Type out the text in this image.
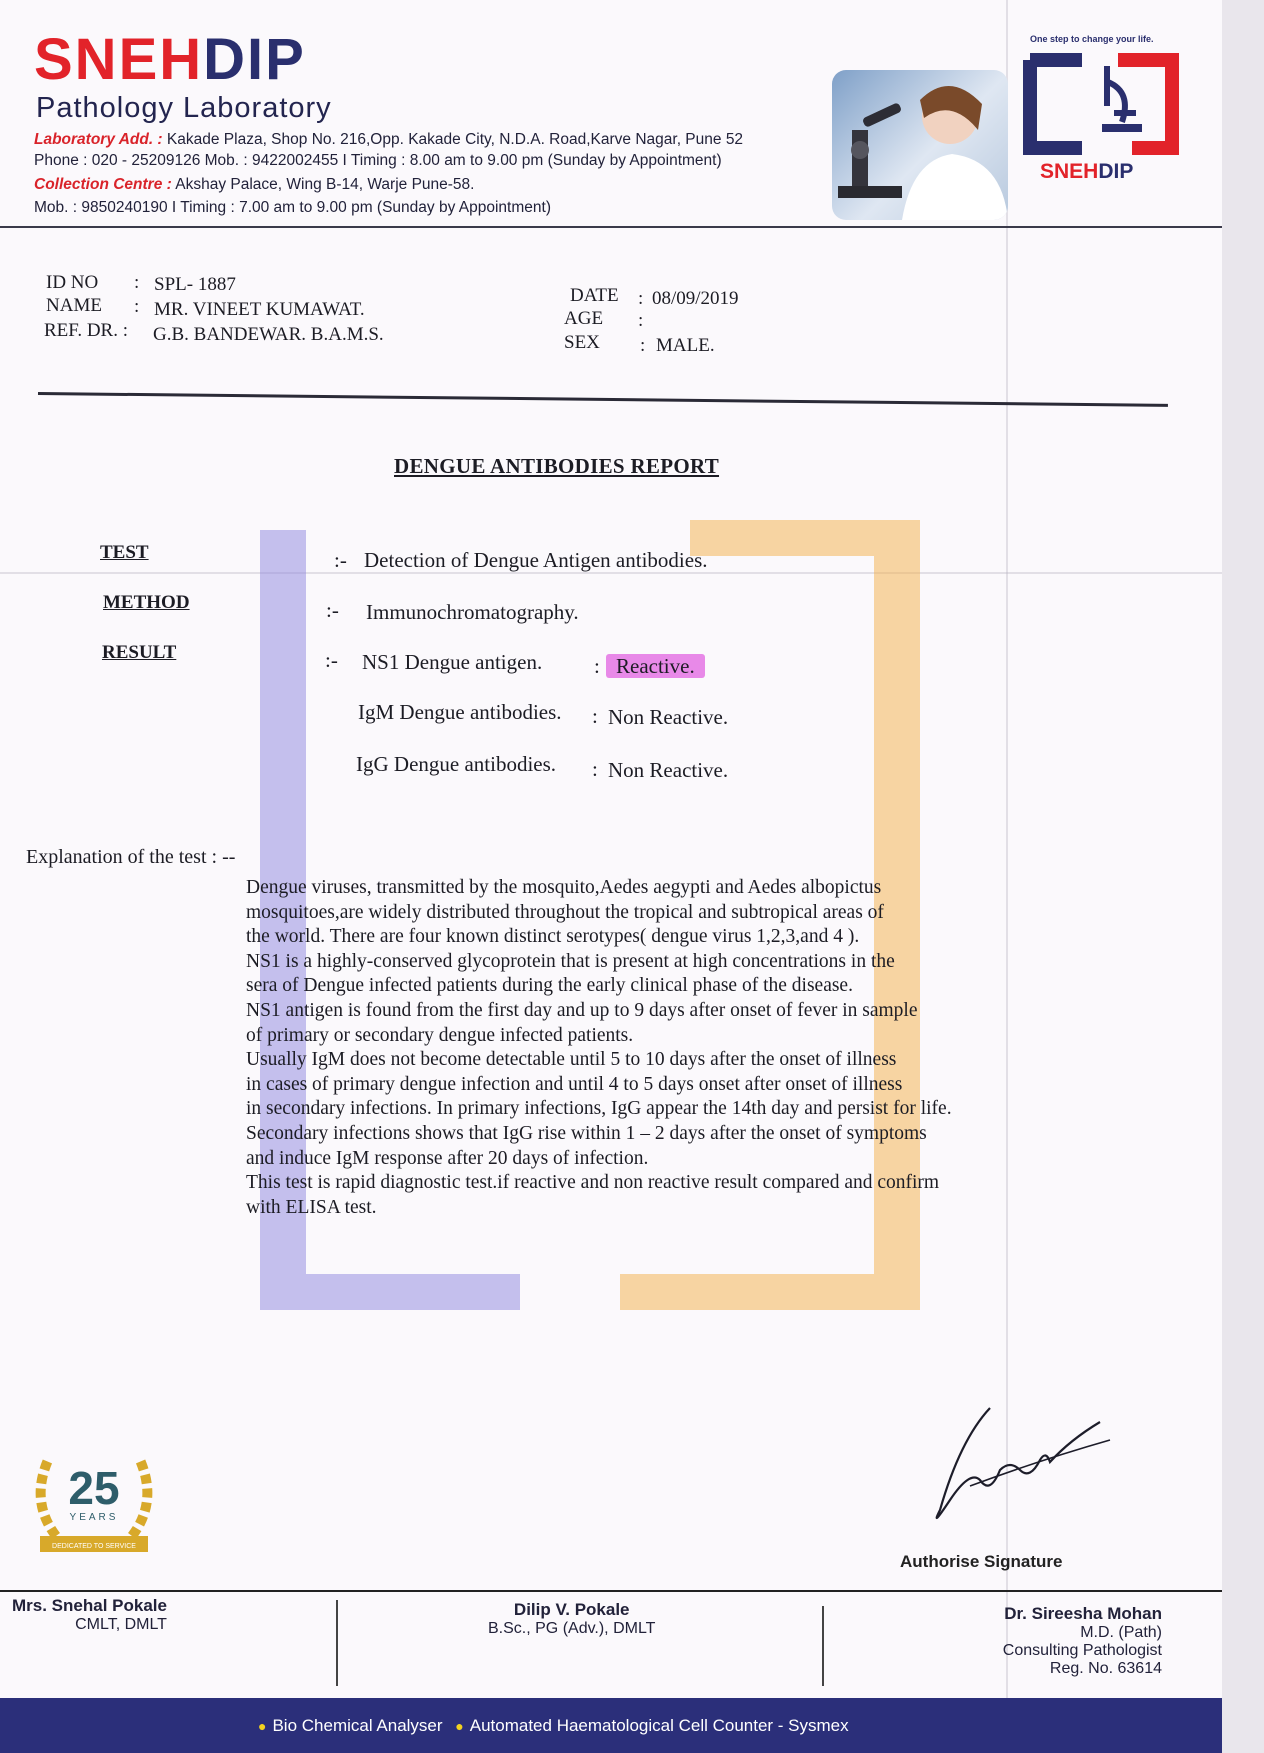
SNEHDIP
Pathology Laboratory
Laboratory Add. : Kakade Plaza, Shop No. 216,Opp. Kakade City, N.D.A. Road,Karve Nagar, Pune 52
Phone : 020 - 25209126 Mob. : 9422002455 I Timing : 8.00 am to 9.00 pm (Sunday by Appointment)
Collection Centre : Akshay Palace, Wing B-14, Warje Pune-58.
Mob. : 9850240190 I Timing : 7.00 am to 9.00 pm (Sunday by Appointment)
One step to change your life.
SNEHDIP
ID NO : SPL- 1887
NAME : MR. VINEET KUMAWAT.
REF. DR. : G.B. BANDEWAR. B.A.M.S.
DATE : 08/09/2019
AGE :
SEX : MALE.
DENGUE ANTIBODIES REPORT
TEST	:- Detection of Dengue Antigen antibodies.
METHOD	:- Immunochromatography.
RESULT	:- NS1 Dengue antigen. : Reactive.
IgM Dengue antibodies. : Non Reactive.
IgG Dengue antibodies. : Non Reactive.
Explanation of the test : --
Dengue viruses, transmitted by the mosquito,Aedes aegypti and Aedes albopictus
mosquitoes,are widely distributed throughout the tropical and subtropical areas of
the world. There are four known distinct serotypes( dengue virus 1,2,3,and 4 ).
NS1 is a highly-conserved glycoprotein that is present at high concentrations in the
sera of Dengue infected patients during the early clinical phase of the disease.
NS1 antigen is found from the first day and up to 9 days after onset of fever in sample
of primary or secondary dengue infected patients.
Usually IgM does not become detectable until 5 to 10 days after the onset of illness
in cases of primary dengue infection and until 4 to 5 days onset after onset of illness
in secondary infections. In primary infections, IgG appear the 14th day and persist for life.
Secondary infections shows that IgG rise within 1 – 2 days after the onset of symptoms
and induce IgM response after 20 days of infection.
This test is rapid diagnostic test.if reactive and non reactive result compared and confirm
with ELISA test.
25
YEARS
DEDICATED TO SERVICE
Authorise Signature
Mrs. Snehal Pokale
CMLT, DMLT
Dilip V. Pokale
B.Sc., PG (Adv.), DMLT
Dr. Sireesha Mohan
M.D. (Path)
Consulting Pathologist
Reg. No. 63614
● Bio Chemical Analyser ● Automated Haematological Cell Counter - Sysmex
